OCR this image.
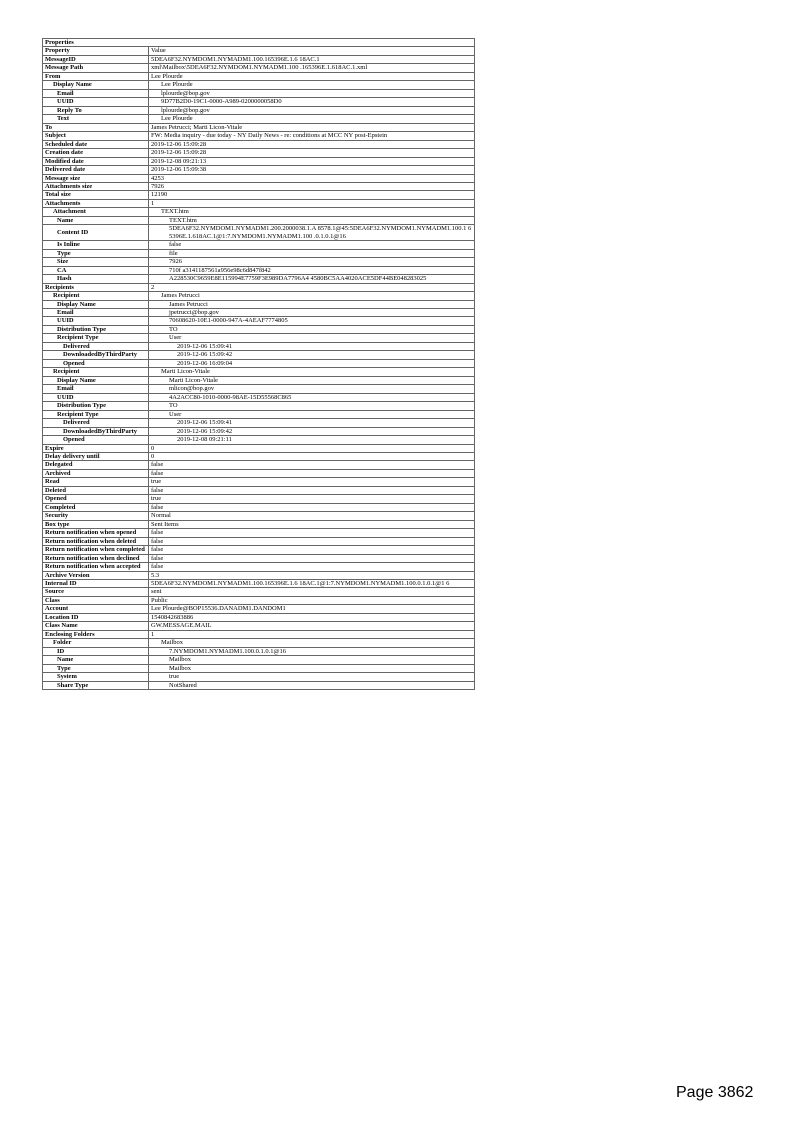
Properties	
Property	Value
MessageID	5DEA6F32.NYMDOM1.NYMADM1.100.165396E.1.6 18AC.1
Message Path	xml\Mailbox\5DEA6F32.NYMDOM1.NYMADM1.100 .165396E.1.618AC.1.xml
From	Lee Plourde
Display Name	Lee Plourde
Email	lplourde@bop.gov
UUID	9D77B2D0-19C1-0000-A989-0200000058D0
Reply To	lplourde@bop.gov
Text	Lee Plourde
To	James Petrucci; Marti Licon-Vitale
Subject	FW: Media inquiry - due today - NY Daily News - re: conditions at MCC NY post-Epstein
Scheduled date	2019-12-06 15:09:28
Creation date	2019-12-06 15:09:28
Modified date	2019-12-08 09:21:13
Delivered date	2019-12-06 15:09:38
Message size	4253
Attachments size	7926
Total size	12190
Attachments	1
Attachment	TEXT.htm
Name	TEXT.htm
Content ID	5DEA6F32.NYMDOM1.NYMADM1.200.2000038.1.A 8578.1@45:5DEA6F32.NYMDOM1.NYMADM1.100.1 65396E.1.618AC.1@1:7.NYMDOM1.NYMADM1.100 .0.1.0.1@16
Is Inline	false
Type	file
Size	7926
CA	710f a3141187561a956e98c6d847f842
Hash	A228530C9659E8E115994E7759F3E989DA7796A4 4580BC5AA4020ACE5DF44BE048283025
Recipients	2
Recipient	James Petrucci
Display Name	James Petrucci
Email	jpetrucci@bop.gov
UUID	70608620-10E1-0000-947A-4AEAF7774805
Distribution Type	TO
Recipient Type	User
Delivered	2019-12-06 15:09:41
DownloadedByThirdParty	2019-12-06 15:09:42
Opened	2019-12-06 16:09:04
Recipient	Marti Licon-Vitale
Display Name	Marti Licon-Vitale
Email	mlicon@bop.gov
UUID	4A2ACC80-1010-0000-98AE-15D55568C865
Distribution Type	TO
Recipient Type	User
Delivered	2019-12-06 15:09:41
DownloadedByThirdParty	2019-12-06 15:09:42
Opened	2019-12-08 09:21:11
Expire	0
Delay delivery until	0
Delegated	false
Archived	false
Read	true
Deleted	false
Opened	true
Completed	false
Security	Normal
Box type	Sent Items
Return notification when opened	false
Return notification when deleted	false
Return notification when completed	false
Return notification when declined	false
Return notification when accepted	false
Archive Version	5.3
Internal ID	5DEA6F32.NYMDOM1.NYMADM1.100.165396E.1.6 18AC.1@1:7.NYMDOM1.NYMADM1.100.0.1.0.1@1 6
Source	sent
Class	Public
Account	Lee Plourde@BOP15536.DANADM1.DANDOM1
Location ID	1540842683886
Class Name	GW.MESSAGE.MAIL
Enclosing Folders	1
Folder	Mailbox
ID	7.NYMDOM1.NYMADM1.100.0.1.0.1@16
Name	Mailbox
Type	Mailbox
System	true
Share Type	NotShared
Page 3862
